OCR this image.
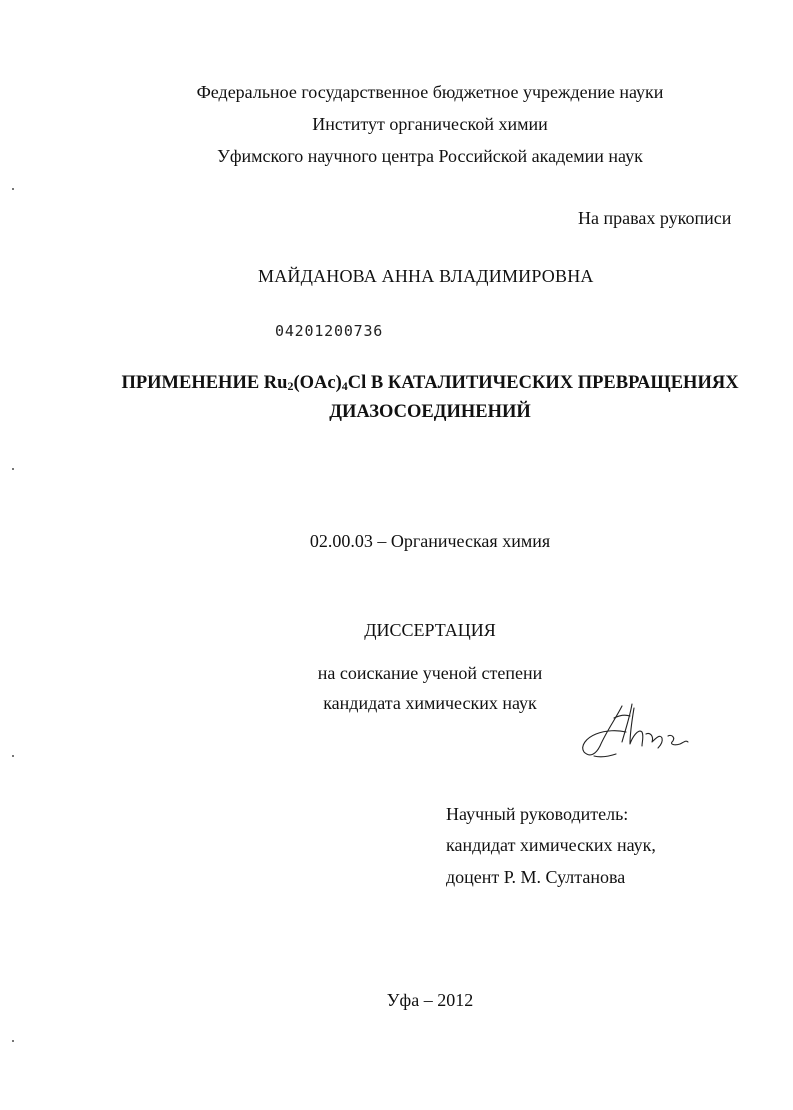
Федеральное государственное бюджетное учреждение науки
Институт органической химии
Уфимского научного центра Российской академии наук
На правах рукописи
МАЙДАНОВА АННА ВЛАДИМИРОВНА
04201200736
ПРИМЕНЕНИЕ $Ru_2(OAc)_4Cl$ В КАТАЛИТИЧЕСКИХ ПРЕВРАЩЕНИЯХ
ДИАЗОСОЕДИНЕНИЙ
02.00.03 – Органическая химия
ДИССЕРТАЦИЯ
на соискание ученой степени
кандидата химических наук
Научный руководитель:
кандидат химических наук,
доцент Р. М. Султанова
Уфа – 2012
